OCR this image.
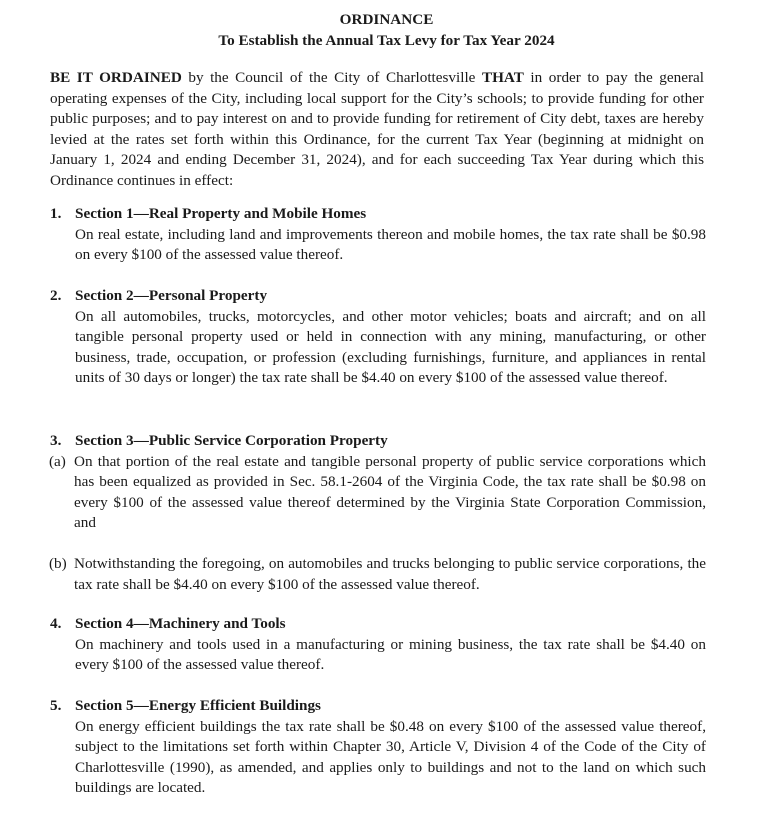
ORDINANCE

To Establish the Annual Tax Levy for Tax Year 2024

BE IT ORDAINED by the Council of the City of Charlottesville THAT in order to pay the general operating expenses of the City, including local support for the City’s schools; to provide funding for other public purposes; and to pay interest on and to provide funding for retirement of City debt, taxes are hereby levied at the rates set forth within this Ordinance, for the current Tax Year (beginning at midnight on January 1, 2024 and ending December 31, 2024), and for each succeeding Tax Year during which this Ordinance continues in effect:

1. Section 1—Real Property and Mobile Homes

On real estate, including land and improvements thereon and mobile homes, the tax rate shall be $0.98 on every $100 of the assessed value thereof.

2. Section 2—Personal Property

On all automobiles, trucks, motorcycles, and other motor vehicles; boats and aircraft; and on all tangible personal property used or held in connection with any mining, manufacturing, or other business, trade, occupation, or profession (excluding furnishings, furniture, and appliances in rental units of 30 days or longer) the tax rate shall be $4.40 on every $100 of the assessed value thereof.

3. Section 3—Public Service Corporation Property

(a) On that portion of the real estate and tangible personal property of public service corporations which has been equalized as provided in Sec. 58.1-2604 of the Virginia Code, the tax rate shall be $0.98 on every $100 of the assessed value thereof determined by the Virginia State Corporation Commission, and

(b) Notwithstanding the foregoing, on automobiles and trucks belonging to public service corporations, the tax rate shall be $4.40 on every $100 of the assessed value thereof.

4. Section 4—Machinery and Tools

On machinery and tools used in a manufacturing or mining business, the tax rate shall be $4.40 on every $100 of the assessed value thereof.

5. Section 5—Energy Efficient Buildings

On energy efficient buildings the tax rate shall be $0.48 on every $100 of the assessed value thereof, subject to the limitations set forth within Chapter 30, Article V, Division 4 of the Code of the City of Charlottesville (1990), as amended, and applies only to buildings and not to the land on which such buildings are located.
